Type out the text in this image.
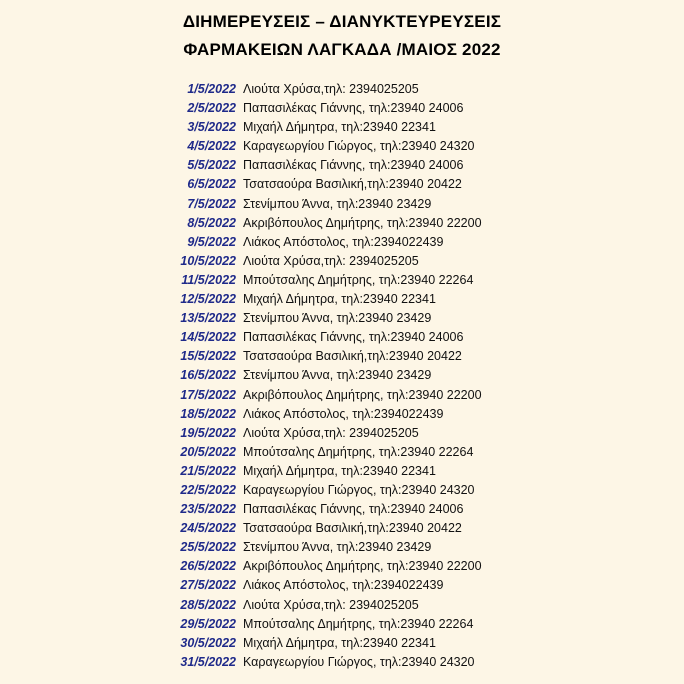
ΔΙΗΜΕΡΕΥΣΕΙΣ – ΔΙΑΝΥΚΤΕΥΡΕΥΣΕΙΣ
ΦΑΡΜΑΚΕΙΩΝ ΛΑΓΚΑΔΑ /ΜΑΙΟΣ 2022
1/5/2022 Λιούτα Χρύσα,τηλ: 2394025205
2/5/2022 Παπασιλέκας Γιάννης, τηλ:23940 24006
3/5/2022 Μιχαήλ Δήμητρα, τηλ:23940 22341
4/5/2022 Καραγεωργίου Γιώργος, τηλ:23940 24320
5/5/2022 Παπασιλέκας Γιάννης, τηλ:23940 24006
6/5/2022 Τσατσαούρα Βασιλική,τηλ:23940 20422
7/5/2022 Στενίμπου Άννα, τηλ:23940 23429
8/5/2022 Ακριβόπουλος Δημήτρης, τηλ:23940 22200
9/5/2022 Λιάκος Απόστολος, τηλ:2394022439
10/5/2022 Λιούτα Χρύσα,τηλ: 2394025205
11/5/2022 Μπούτσαλης Δημήτρης, τηλ:23940 22264
12/5/2022 Μιχαήλ Δήμητρα, τηλ:23940 22341
13/5/2022 Στενίμπου Άννα, τηλ:23940 23429
14/5/2022 Παπασιλέκας Γιάννης, τηλ:23940 24006
15/5/2022 Τσατσαούρα Βασιλική,τηλ:23940 20422
16/5/2022 Στενίμπου Άννα, τηλ:23940 23429
17/5/2022 Ακριβόπουλος Δημήτρης, τηλ:23940 22200
18/5/2022 Λιάκος Απόστολος, τηλ:2394022439
19/5/2022 Λιούτα Χρύσα,τηλ: 2394025205
20/5/2022 Μπούτσαλης Δημήτρης, τηλ:23940 22264
21/5/2022 Μιχαήλ Δήμητρα, τηλ:23940 22341
22/5/2022 Καραγεωργίου Γιώργος, τηλ:23940 24320
23/5/2022 Παπασιλέκας Γιάννης, τηλ:23940 24006
24/5/2022 Τσατσαούρα Βασιλική,τηλ:23940 20422
25/5/2022 Στενίμπου Άννα, τηλ:23940 23429
26/5/2022 Ακριβόπουλος Δημήτρης, τηλ:23940 22200
27/5/2022 Λιάκος Απόστολος, τηλ:2394022439
28/5/2022 Λιούτα Χρύσα,τηλ: 2394025205
29/5/2022 Μπούτσαλης Δημήτρης, τηλ:23940 22264
30/5/2022 Μιχαήλ Δήμητρα, τηλ:23940 22341
31/5/2022 Καραγεωργίου Γιώργος, τηλ:23940 24320
